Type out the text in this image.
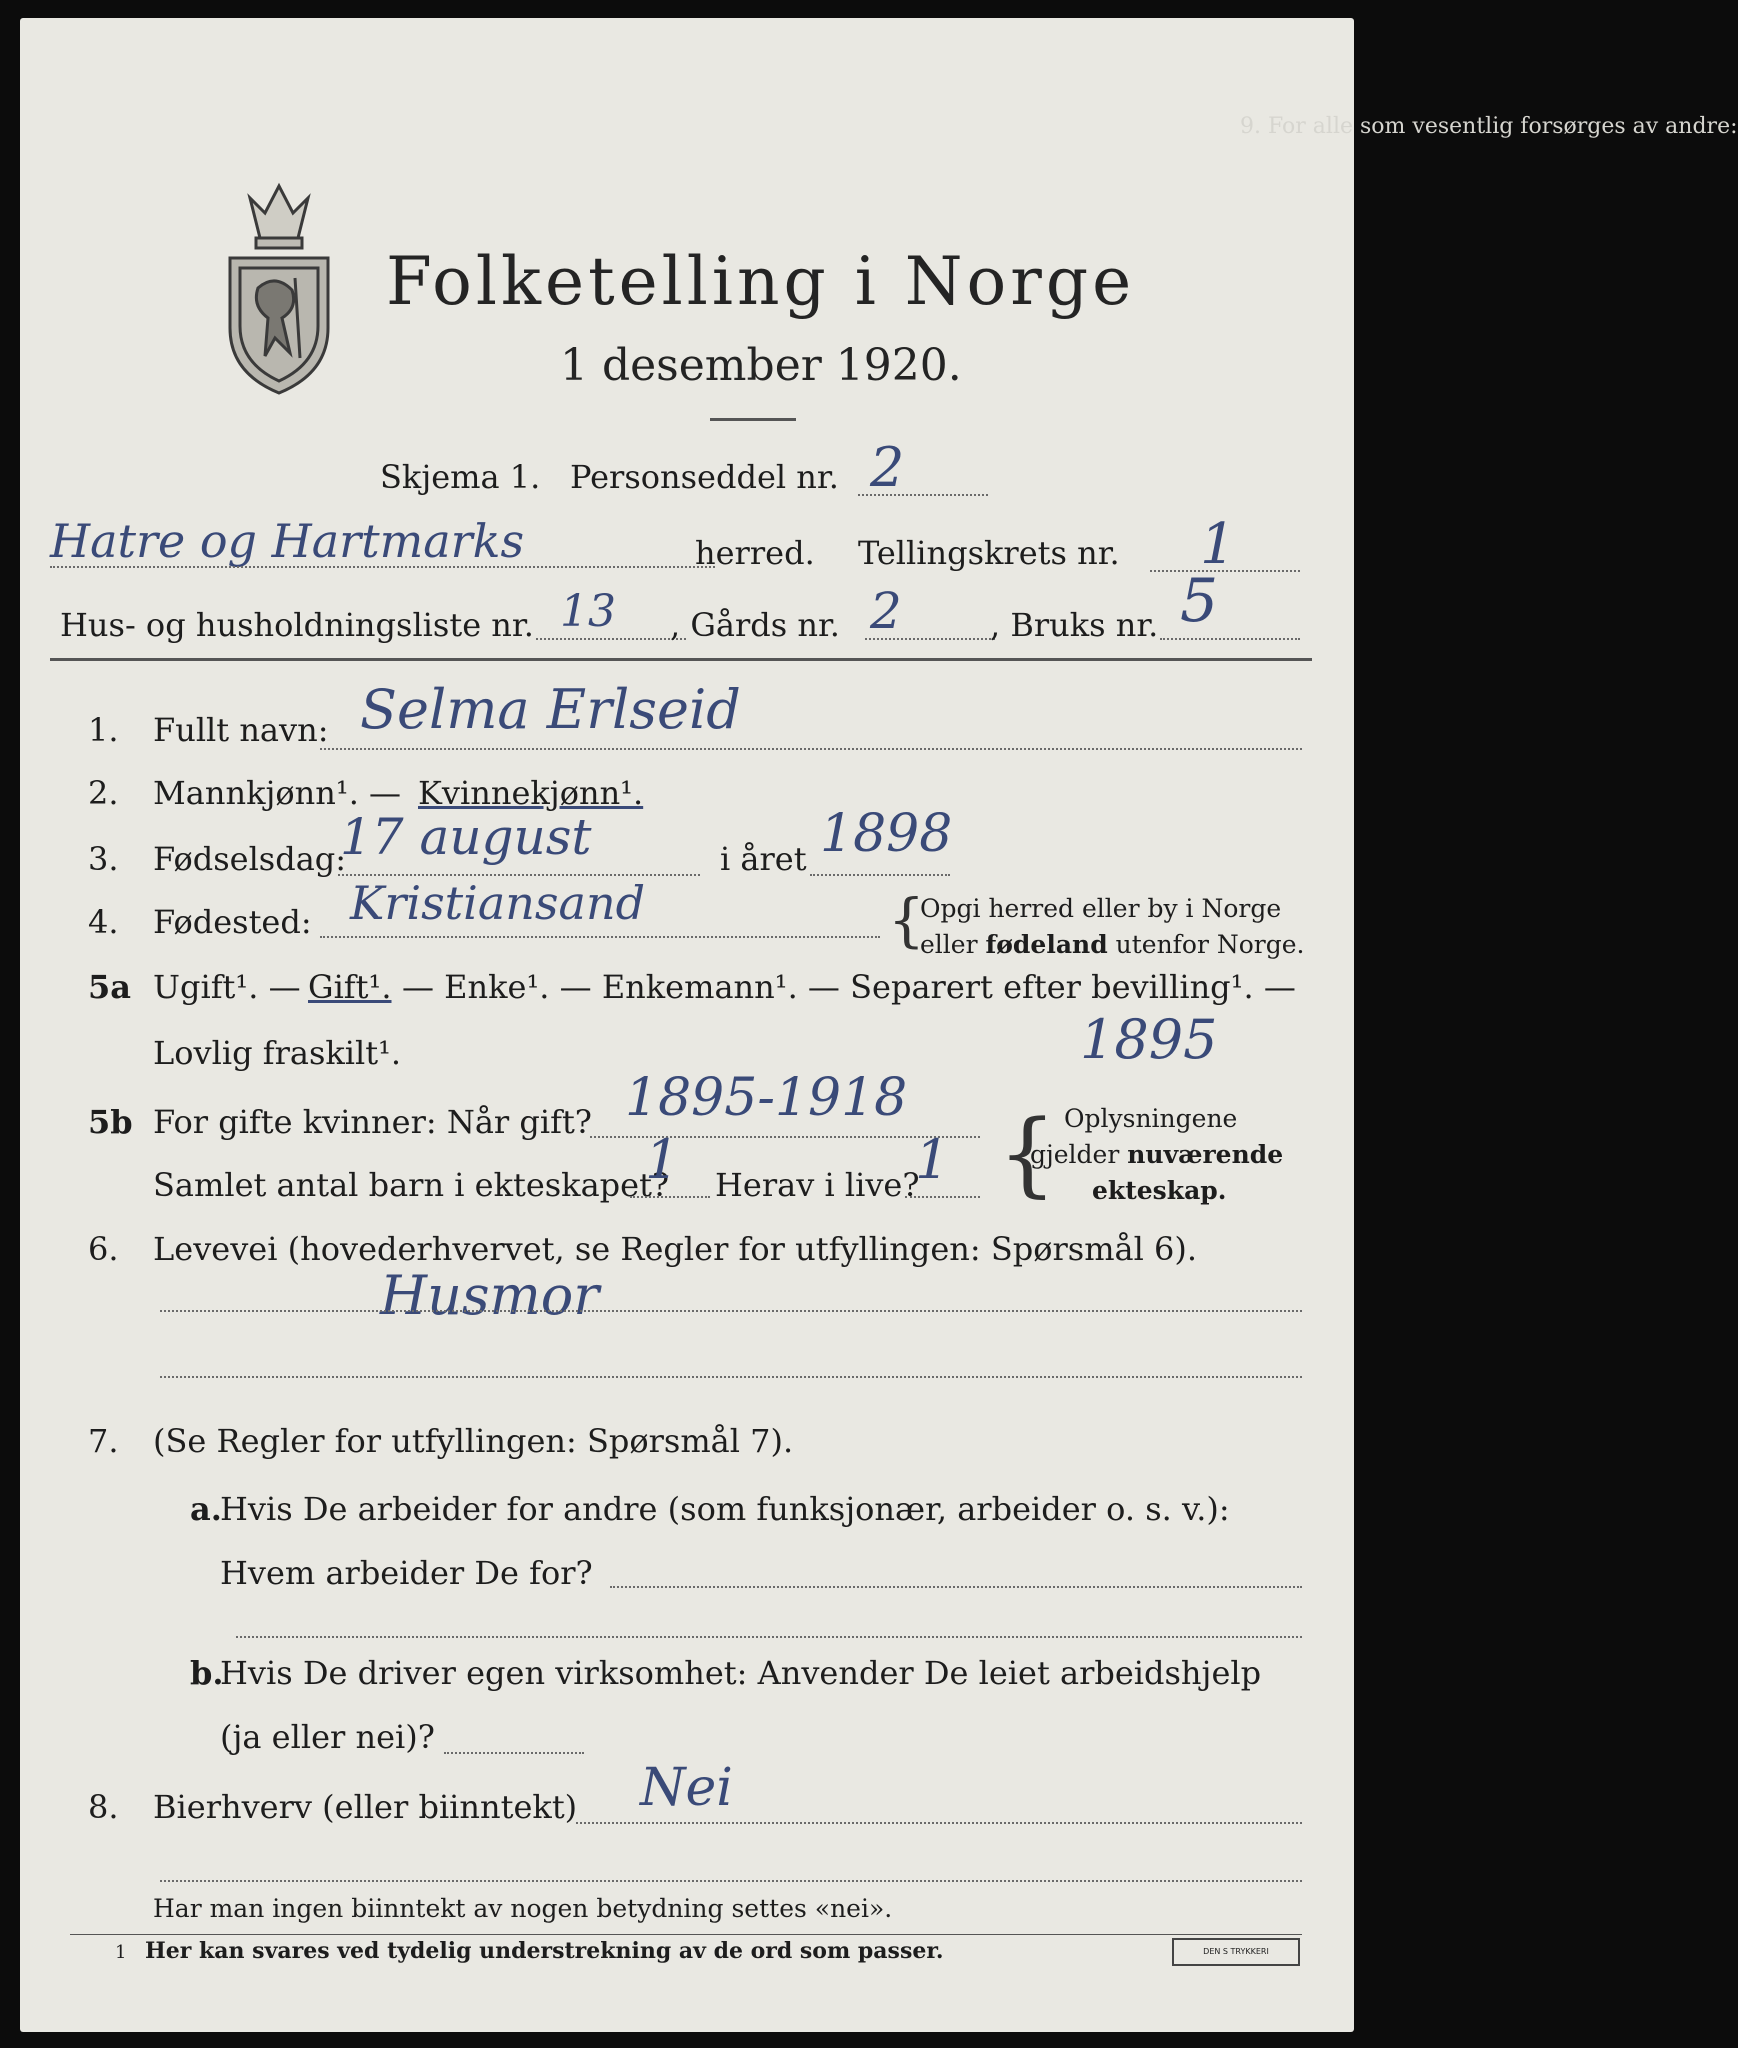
9. For alle som vesentlig forsørges av andre:
Folketelling i Norge
1 desember 1920.
Skjema 1. Personseddel nr. 2
Hatre og Hartmarks	herred. Tellingskrets nr. 1
Hus- og husholdningsliste nr. 13 , Gårds nr. 2	, Bruks nr. 5
1. Fullt navn: Selma Erlseid
2. Mannkjønn¹. — Kvinnekjønn¹.
3. Fødselsdag:
17 august	i året 1898
4. Fødested: Kristiansand	{
Opgi herred eller by i Norge
eller fødeland utenfor Norge.
5a Ugift¹. — Gift¹. — Enke¹. — Enkemann¹. — Separert efter bevilling¹. —
Lovlig fraskilt¹.	1895
5b For gifte kvinner: Når gift? 1895-1918
Samlet antal barn i ekteskapet?
1 Herav i live?
1 { Oplysningene
gjelder nuværende
ekteskap.
6. Levevei (hovederhvervet, se Regler for utfyllingen: Spørsmål 6).
Husmor
7. (Se Regler for utfyllingen: Spørsmål 7).
a.
Hvis De arbeider for andre (som funksjonær, arbeider o. s. v.):
Hvem arbeider De for?
b.
Hvis De driver egen virksomhet: Anvender De leiet arbeidshjelp
(ja eller nei)?
8. Bierhverv (eller biinntekt) Nei
Har man ingen biinntekt av nogen betydning settes «nei».
1 Her kan svares ved tydelig understrekning av de ord som passer.	DEN S TRYKKERI
